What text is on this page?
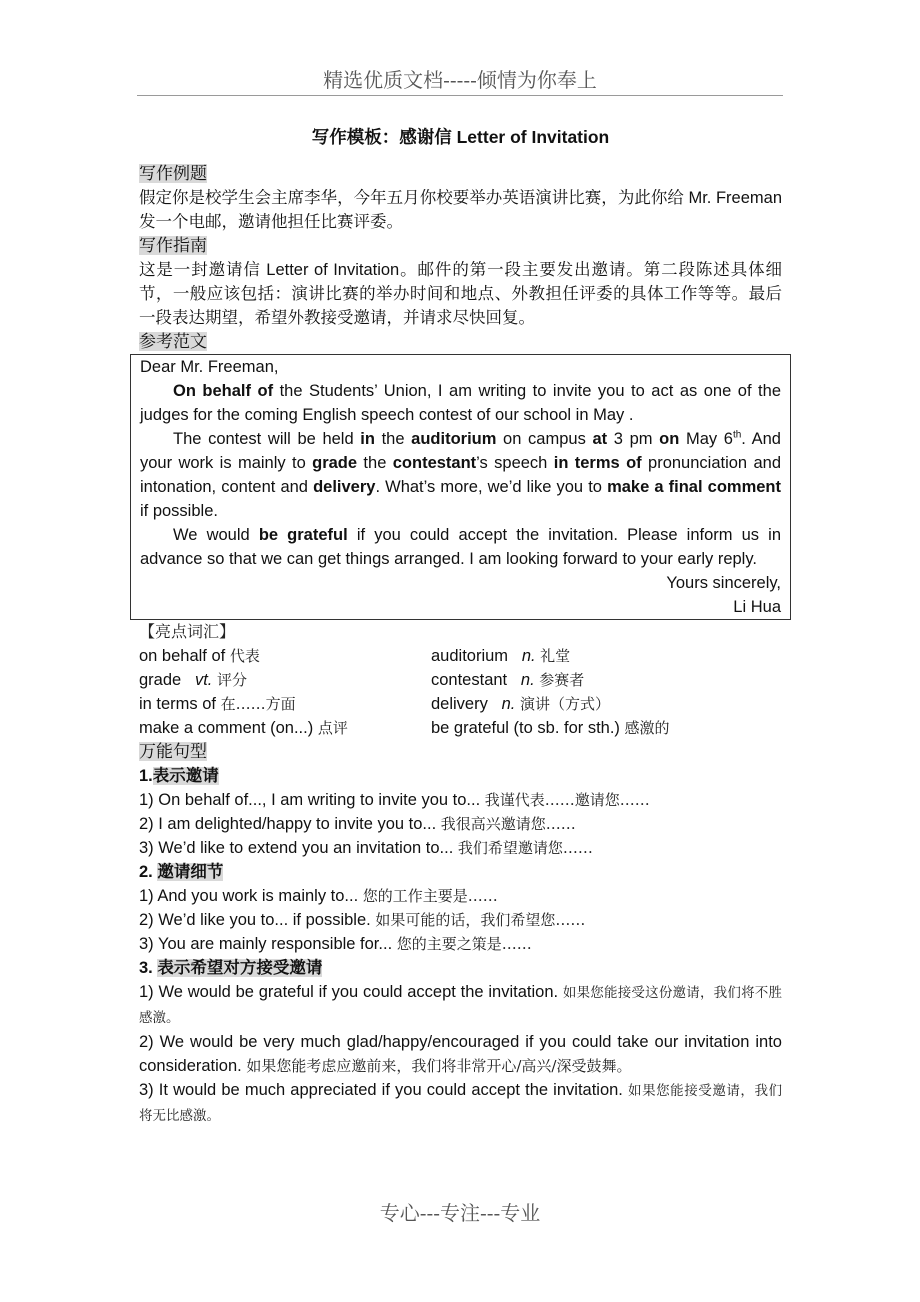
精选优质文档-----倾情为你奉上
写作模板：感谢信 Letter of Invitation
写作例题
假定你是校学生会主席李华，今年五月你校要举办英语演讲比赛，为此你给 Mr. Freeman 发一个电邮，邀请他担任比赛评委。
写作指南
这是一封邀请信 Letter of Invitation。邮件的第一段主要发出邀请。第二段陈述具体细节，一般应该包括：演讲比赛的举办时间和地点、外教担任评委的具体工作等等。最后一段表达期望，希望外教接受邀请，并请求尽快回复。
参考范文
Dear Mr. Freeman,
On behalf of the Students’ Union, I am writing to invite you to act as one of the judges for the coming English speech contest of our school in May .
The contest will be held in the auditorium on campus at 3 pm on May 6th. And your work is mainly to grade the contestant’s speech in terms of pronunciation and intonation, content and delivery. What’s more, we’d like you to make a final comment if possible.
We would be grateful if you could accept the invitation. Please inform us in advance so that we can get things arranged. I am looking forward to your early reply.
Yours sincerely,
Li Hua
【亮点词汇】
on behalf of 代表	auditorium n. 礼堂
grade vt. 评分	contestant n. 参赛者
in terms of 在……方面	delivery n. 演讲（方式）
make a comment (on...) 点评	be grateful (to sb. for sth.) 感激的
万能句型
1.表示邀请
1) On behalf of..., I am writing to invite you to... 我谨代表……邀请您……
2) I am delighted/happy to invite you to... 我很高兴邀请您……
3) We’d like to extend you an invitation to... 我们希望邀请您……
2. 邀请细节
1) And you work is mainly to... 您的工作主要是……
2) We’d like you to... if possible. 如果可能的话，我们希望您……
3) You are mainly responsible for... 您的主要之策是……
3. 表示希望对方接受邀请
1) We would be grateful if you could accept the invitation. 如果您能接受这份邀请，我们将不胜感激。
2) We would be very much glad/happy/encouraged if you could take our invitation into consideration. 如果您能考虑应邀前来，我们将非常开心/高兴/深受鼓舞。
3) It would be much appreciated if you could accept the invitation. 如果您能接受邀请，我们将无比感激。
专心---专注---专业
